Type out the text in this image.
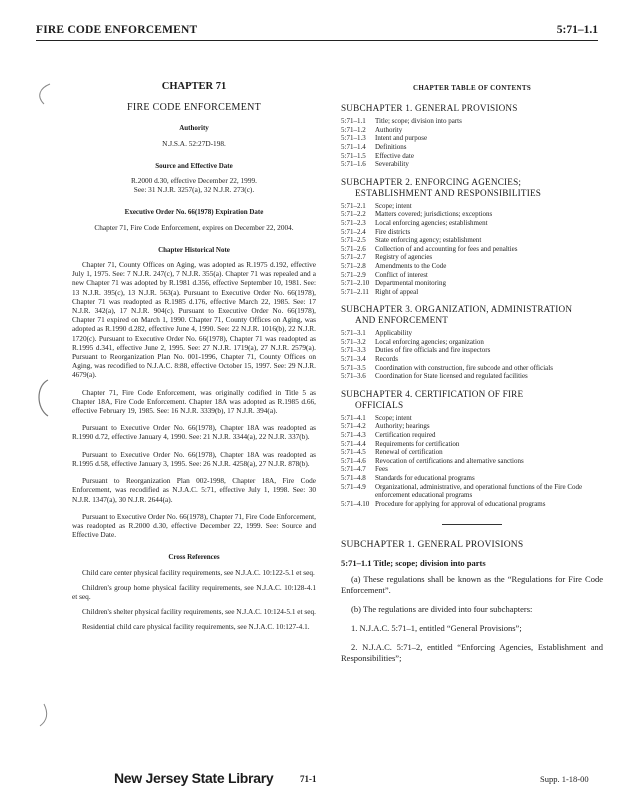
FIRE CODE ENFORCEMENT	5:71–1.1
CHAPTER 71
FIRE CODE ENFORCEMENT
Authority
N.J.S.A. 52:27D-198.
Source and Effective Date
R.2000 d.30, effective December 22, 1999.
See: 31 N.J.R. 3257(a), 32 N.J.R. 273(c).
Executive Order No. 66(1978) Expiration Date
Chapter 71, Fire Code Enforcement, expires on December 22, 2004.
Chapter Historical Note
Chapter 71, County Offices on Aging, was adopted as R.1975 d.192, effective July 1, 1975. See: 7 N.J.R. 247(c), 7 N.J.R. 355(a). Chapter 71 was repealed and a new Chapter 71 was adopted by R.1981 d.356, effective September 10, 1981. See: 13 N.J.R. 395(c), 13 N.J.R. 563(a). Pursuant to Executive Order No. 66(1978), Chapter 71 was readopted as R.1985 d.176, effective March 22, 1985. See: 17 N.J.R. 342(a), 17 N.J.R. 904(c). Pursuant to Executive Order No. 66(1978), Chapter 71 expired on March 1, 1990. Chapter 71, County Offices on Aging, was adopted as R.1990 d.282, effective June 4, 1990. See: 22 N.J.R. 1016(b), 22 N.J.R. 1720(c). Pursuant to Executive Order No. 66(1978), Chapter 71 was readopted as R.1995 d.341, effective June 2, 1995. See: 27 N.J.R. 1719(a), 27 N.J.R. 2579(a). Pursuant to Reorganization Plan No. 001-1996, Chapter 71, County Offices on Aging, was recodified to N.J.A.C. 8:88, effective October 15, 1997. See: 29 N.J.R. 4679(a).
Chapter 71, Fire Code Enforcement, was originally codified in Title 5 as Chapter 18A, Fire Code Enforcement. Chapter 18A was adopted as R.1985 d.66, effective February 19, 1985. See: 16 N.J.R. 3339(b), 17 N.J.R. 394(a).
Pursuant to Executive Order No. 66(1978), Chapter 18A was readopted as R.1990 d.72, effective January 4, 1990. See: 21 N.J.R. 3344(a), 22 N.J.R. 337(b).
Pursuant to Executive Order No. 66(1978), Chapter 18A was readopted as R.1995 d.58, effective January 3, 1995. See: 26 N.J.R. 4258(a), 27 N.J.R. 878(b).
Pursuant to Reorganization Plan 002-1998, Chapter 18A, Fire Code Enforcement, was recodified as N.J.A.C. 5:71, effective July 1, 1998. See: 30 N.J.R. 1347(a), 30 N.J.R. 2644(a).
Pursuant to Executive Order No. 66(1978), Chapter 71, Fire Code Enforcement, was readopted as R.2000 d.30, effective December 22, 1999. See: Source and Effective Date.
Cross References
Child care center physical facility requirements, see N.J.A.C. 10:122-5.1 et seq.
Children's group home physical facility requirements, see N.J.A.C. 10:128-4.1 et seq.
Children's shelter physical facility requirements, see N.J.A.C. 10:124-5.1 et seq.
Residential child care physical facility requirements, see N.J.A.C. 10:127-4.1.
CHAPTER TABLE OF CONTENTS
SUBCHAPTER 1. GENERAL PROVISIONS
5:71–1.1	Title; scope; division into parts
5:71–1.2	Authority
5:71–1.3	Intent and purpose
5:71–1.4	Definitions
5:71–1.5	Effective date
5:71–1.6	Severability
SUBCHAPTER 2. ENFORCING AGENCIES;
ESTABLISHMENT AND RESPONSIBILITIES
5:71–2.1	Scope; intent
5:71–2.2	Matters covered; jurisdictions; exceptions
5:71–2.3	Local enforcing agencies; establishment
5:71–2.4	Fire districts
5:71–2.5	State enforcing agency; establishment
5:71–2.6	Collection of and accounting for fees and penalties
5:71–2.7	Registry of agencies
5:71–2.8	Amendments to the Code
5:71–2.9	Conflict of interest
5:71–2.10 Departmental monitoring
5:71–2.11 Right of appeal
SUBCHAPTER 3. ORGANIZATION, ADMINISTRATION
AND ENFORCEMENT
5:71–3.1	Applicability
5:71–3.2	Local enforcing agencies; organization
5:71–3.3	Duties of fire officials and fire inspectors
5:71–3.4	Records
5:71–3.5	Coordination with construction, fire subcode and other officials
5:71–3.6	Coordination for State licensed and regulated facilities
SUBCHAPTER 4. CERTIFICATION OF FIRE
OFFICIALS
5:71–4.1	Scope; intent
5:71–4.2	Authority; hearings
5:71–4.3	Certification required
5:71–4.4	Requirements for certification
5:71–4.5	Renewal of certification
5:71–4.6	Revocation of certifications and alternative sanctions
5:71–4.7	Fees
5:71–4.8	Standards for educational programs
5:71–4.9	Organizational, administrative, and operational functions of the Fire Code enforcement educational programs
5:71–4.10 Procedure for applying for approval of educational programs
SUBCHAPTER 1. GENERAL PROVISIONS
5:71–1.1 Title; scope; division into parts
(a) These regulations shall be known as the “Regulations for Fire Code Enforcement”.
(b) The regulations are divided into four subchapters:
1. N.J.A.C. 5:71–1, entitled “General Provisions”;
2. N.J.A.C. 5:71–2, entitled “Enforcing Agencies, Establishment and Responsibilities”;
New Jersey State Library	71-1	Supp. 1-18-00
